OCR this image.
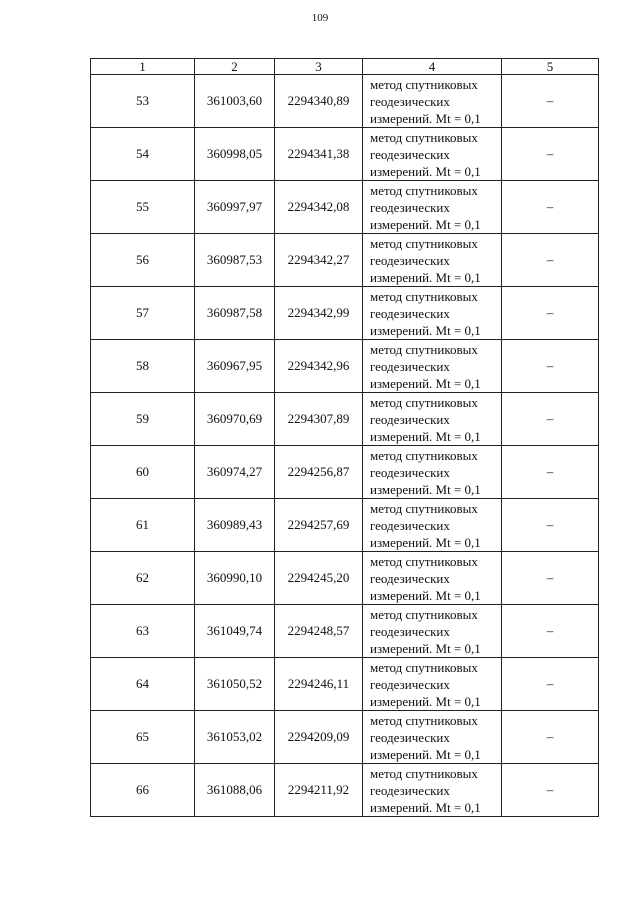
109
1	2	3	4	5
53	361003,60	2294340,89	метод спутниковых
геодезических
измерений. Mt = 0,1	–
54	360998,05	2294341,38	метод спутниковых
геодезических
измерений. Mt = 0,1	–
55	360997,97	2294342,08	метод спутниковых
геодезических
измерений. Mt = 0,1	–
56	360987,53	2294342,27	метод спутниковых
геодезических
измерений. Mt = 0,1	–
57	360987,58	2294342,99	метод спутниковых
геодезических
измерений. Mt = 0,1	–
58	360967,95	2294342,96	метод спутниковых
геодезических
измерений. Mt = 0,1	–
59	360970,69	2294307,89	метод спутниковых
геодезических
измерений. Mt = 0,1	–
60	360974,27	2294256,87	метод спутниковых
геодезических
измерений. Mt = 0,1	–
61	360989,43	2294257,69	метод спутниковых
геодезических
измерений. Mt = 0,1	–
62	360990,10	2294245,20	метод спутниковых
геодезических
измерений. Mt = 0,1	–
63	361049,74	2294248,57	метод спутниковых
геодезических
измерений. Mt = 0,1	–
64	361050,52	2294246,11	метод спутниковых
геодезических
измерений. Mt = 0,1	–
65	361053,02	2294209,09	метод спутниковых
геодезических
измерений. Mt = 0,1	–
66	361088,06	2294211,92	метод спутниковых
геодезических
измерений. Mt = 0,1	–
